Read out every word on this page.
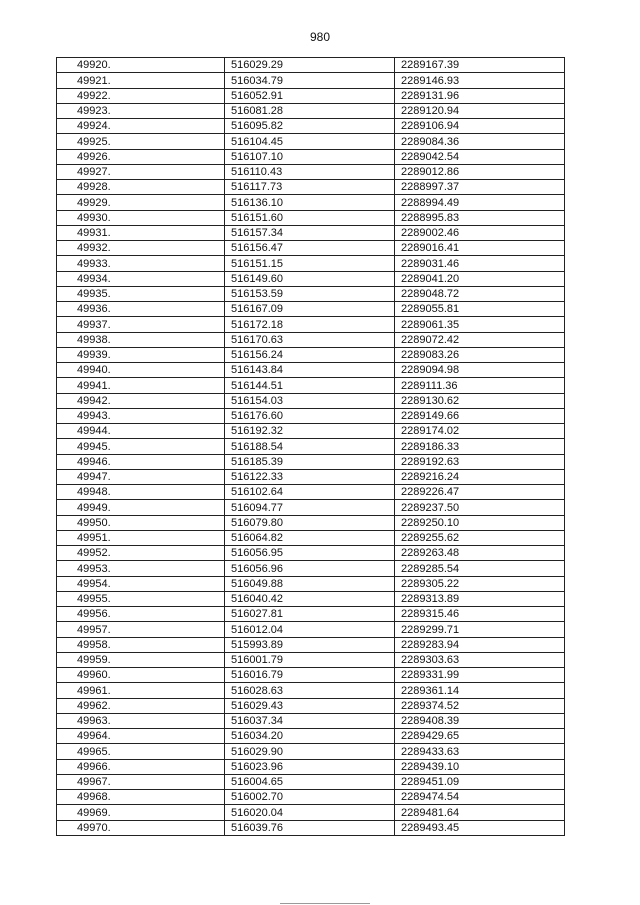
980
49920.	516029.29	2289167.39
49921.	516034.79	2289146.93
49922.	516052.91	2289131.96
49923.	516081.28	2289120.94
49924.	516095.82	2289106.94
49925.	516104.45	2289084.36
49926.	516107.10	2289042.54
49927.	516110.43	2289012.86
49928.	516117.73	2288997.37
49929.	516136.10	2288994.49
49930.	516151.60	2288995.83
49931.	516157.34	2289002.46
49932.	516156.47	2289016.41
49933.	516151.15	2289031.46
49934.	516149.60	2289041.20
49935.	516153.59	2289048.72
49936.	516167.09	2289055.81
49937.	516172.18	2289061.35
49938.	516170.63	2289072.42
49939.	516156.24	2289083.26
49940.	516143.84	2289094.98
49941.	516144.51	2289111.36
49942.	516154.03	2289130.62
49943.	516176.60	2289149.66
49944.	516192.32	2289174.02
49945.	516188.54	2289186.33
49946.	516185.39	2289192.63
49947.	516122.33	2289216.24
49948.	516102.64	2289226.47
49949.	516094.77	2289237.50
49950.	516079.80	2289250.10
49951.	516064.82	2289255.62
49952.	516056.95	2289263.48
49953.	516056.96	2289285.54
49954.	516049.88	2289305.22
49955.	516040.42	2289313.89
49956.	516027.81	2289315.46
49957.	516012.04	2289299.71
49958.	515993.89	2289283.94
49959.	516001.79	2289303.63
49960.	516016.79	2289331.99
49961.	516028.63	2289361.14
49962.	516029.43	2289374.52
49963.	516037.34	2289408.39
49964.	516034.20	2289429.65
49965.	516029.90	2289433.63
49966.	516023.96	2289439.10
49967.	516004.65	2289451.09
49968.	516002.70	2289474.54
49969.	516020.04	2289481.64
49970.	516039.76	2289493.45
